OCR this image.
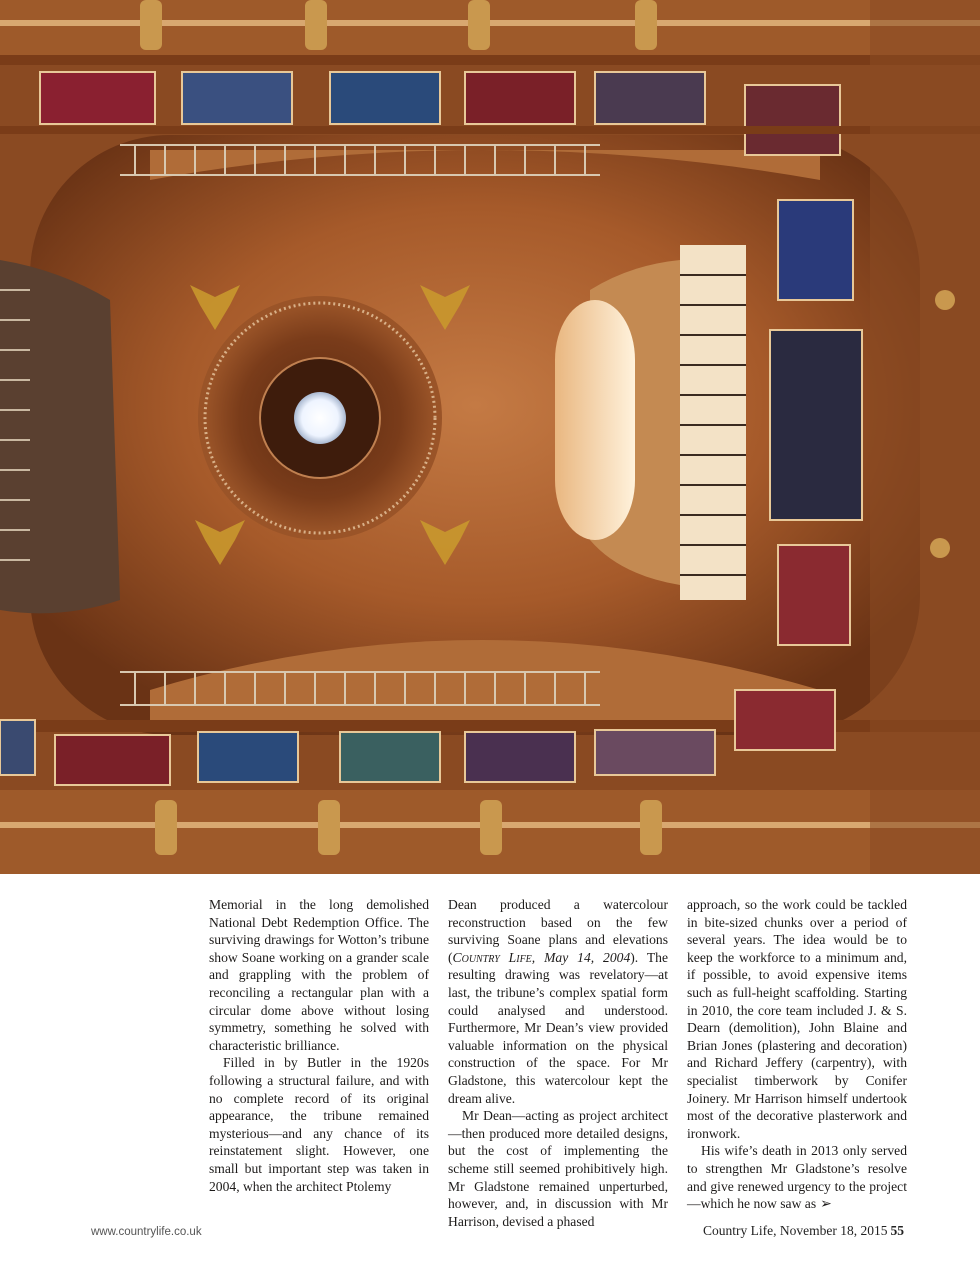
Memorial in the long demolished National Debt Redemption Office. The surviving drawings for Wotton’s tribune show Soane working on a grander scale and grappling with the problem of reconciling a rectangular plan with a circular dome above without losing symmetry, something he solved with characteristic brilliance.

Filled in by Butler in the 1920s following a structural failure, and with no complete record of its original appearance, the tribune remained mysterious—and any chance of its reinstatement slight. However, one small but important step was taken in 2004, when the architect Ptolemy

Dean produced a watercolour reconstruction based on the few surviving Soane plans and elevations (Country Life, May 14, 2004). The resulting drawing was revelatory—at last, the tribune’s complex spatial form could analysed and understood. Furthermore, Mr Dean’s view provided valuable information on the physical construction of the space. For Mr Gladstone, this watercolour kept the dream alive.

Mr Dean—acting as project architect—then produced more detailed designs, but the cost of implementing the scheme still seemed prohibitively high. Mr Gladstone remained unperturbed, however, and, in discussion with Mr Harrison, devised a phased

approach, so the work could be tackled in bite-sized chunks over a period of several years. The idea would be to keep the workforce to a minimum and, if possible, to avoid expensive items such as full-height scaffolding. Starting in 2010, the core team included J. & S. Dearn (demolition), John Blaine and Brian Jones (plastering and decoration) and Richard Jeffery (carpentry), with specialist timberwork by Conifer Joinery. Mr Harrison himself undertook most of the decorative plasterwork and ironwork.

His wife’s death in 2013 only served to strengthen Mr Gladstone’s resolve and give renewed urgency to the project—which he now saw as ➢

www.countrylife.co.uk	Country Life, November 18, 2015 55
